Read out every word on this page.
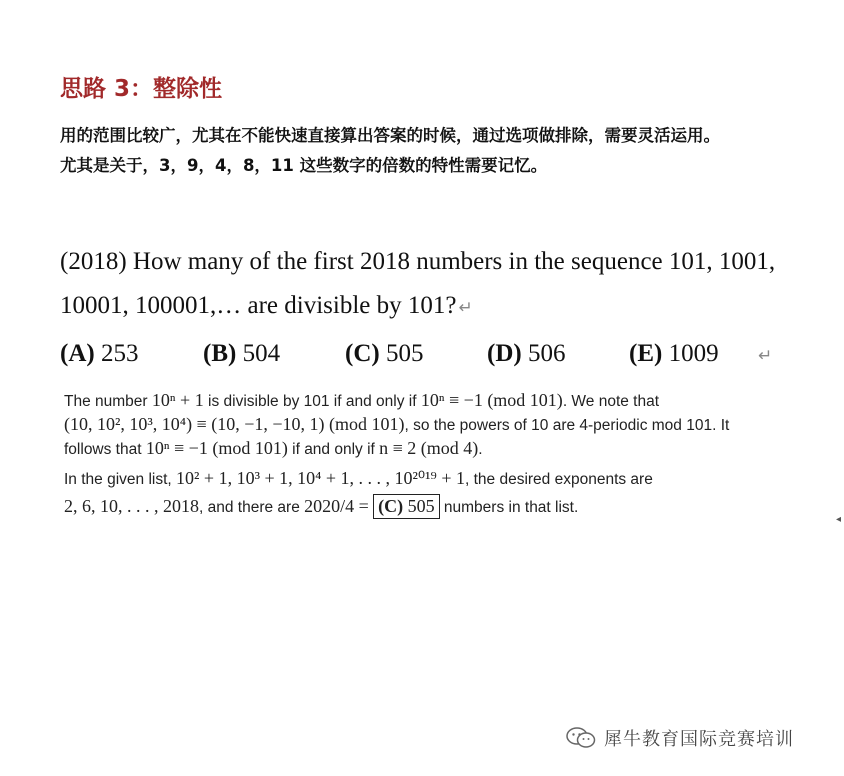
思路 3：整除性

用的范围比较广，尤其在不能快速直接算出答案的时候，通过选项做排除，需要灵活运用。

尤其是关于，3，9，4，8，11 这些数字的倍数的特性需要记忆。

(2018) How many of the first 2018 numbers in the sequence 101, 1001,

10001, 100001,… are divisible by 101? ↵

(A) 253	(B) 504	(C) 505	(D) 506	(E) 1009 ↵

The number 10ⁿ + 1 is divisible by 101 if and only if 10ⁿ ≡ −1 (mod 101). We note that

(10, 10², 10³, 10⁴) ≡ (10, −1, −10, 1) (mod 101), so the powers of 10 are 4-periodic mod 101. It

follows that 10ⁿ ≡ −1 (mod 101) if and only if n ≡ 2 (mod 4).

In the given list, 10² + 1, 10³ + 1, 10⁴ + 1, . . . , 10²⁰¹⁹ + 1, the desired exponents are

2, 6, 10, . . . , 2018, and there are 2020/4 = (C) 505 numbers in that list.

◂
犀牛教育国际竞赛培训
